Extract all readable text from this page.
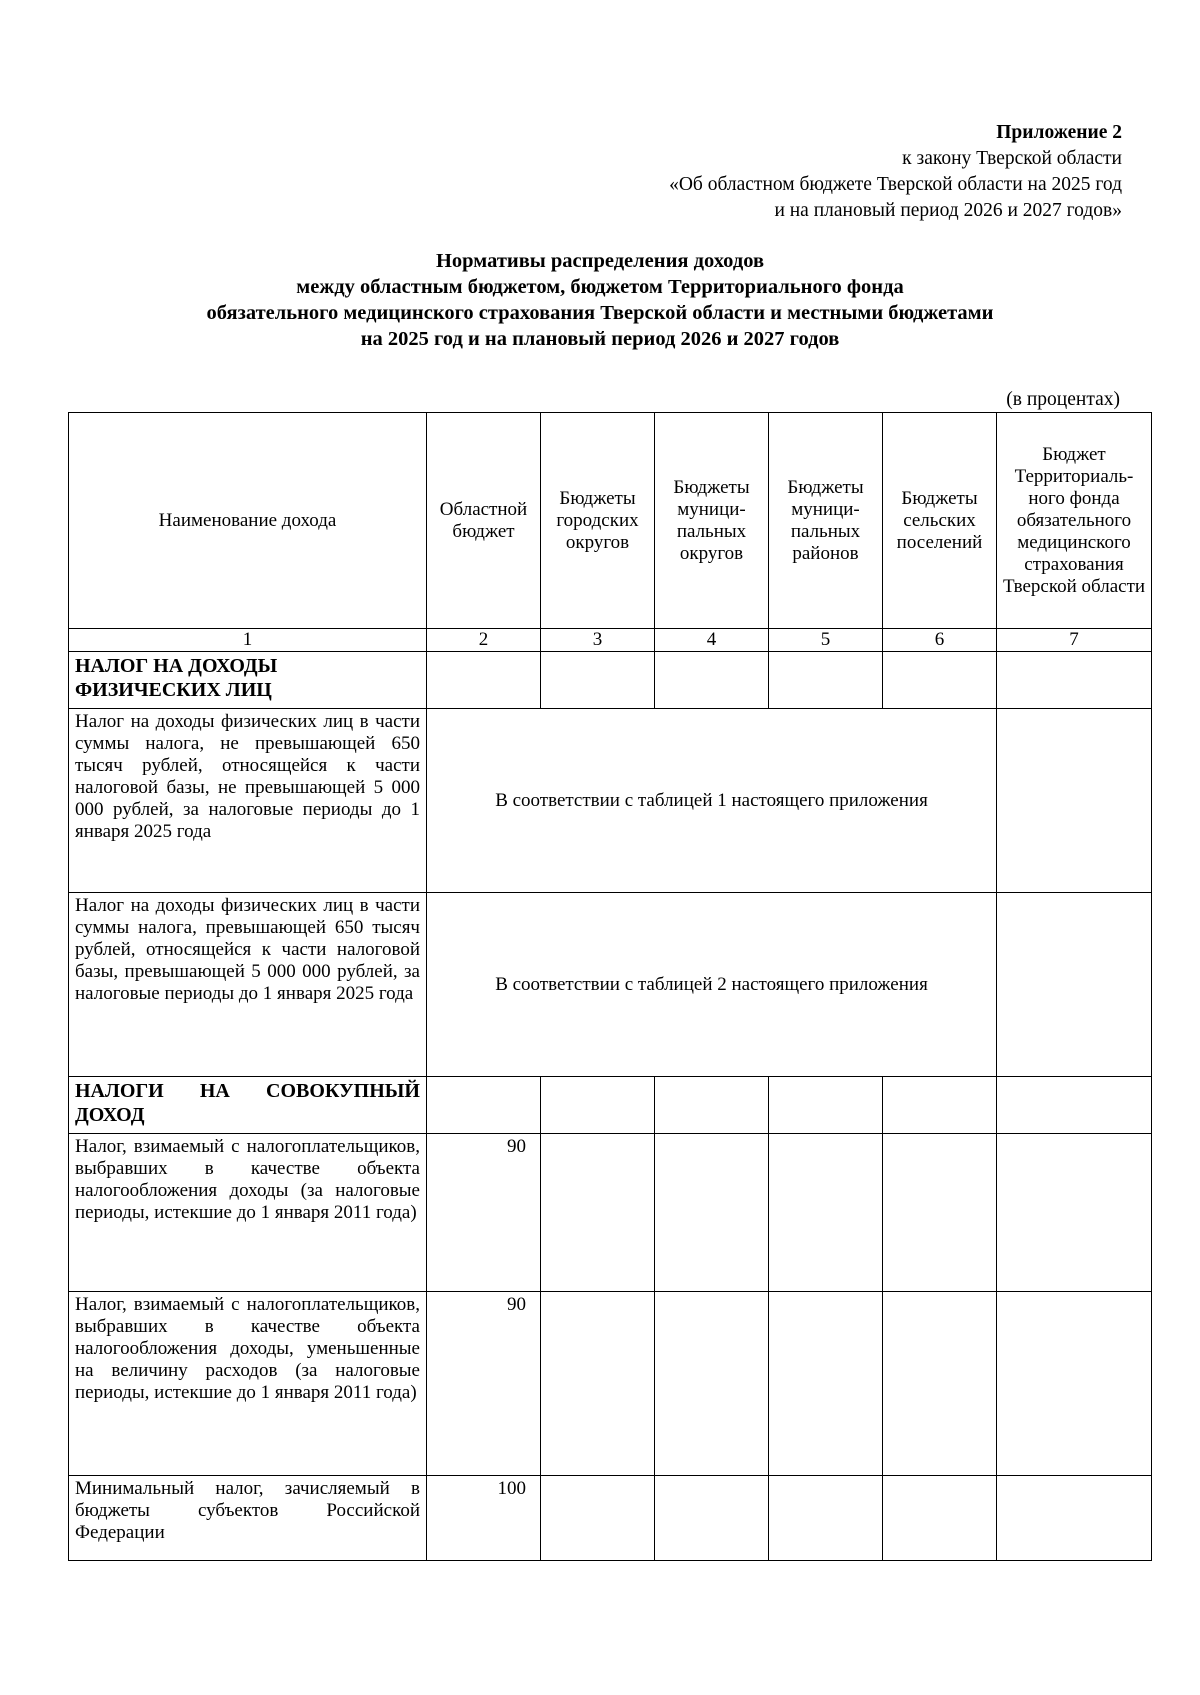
Приложение 2
к закону Тверской области
«Об областном бюджете Тверской области на 2025 год
и на плановый период 2026 и 2027 годов»
Нормативы распределения доходов
между областным бюджетом, бюджетом Территориального фонда
обязательного медицинского страхования Тверской области и местными бюджетами
на 2025 год и на плановый период 2026 и 2027 годов
(в процентах)
Наименование дохода	Областной бюджет	Бюджеты городских округов	Бюджеты муници-пальных округов	Бюджеты муници-пальных районов	Бюджеты сельских поселений	Бюджет Территориаль-ного фонда обязательного медицинского страхования Тверской области
1	2	3	4	5	6	7
НАЛОГ НА ДОХОДЫ ФИЗИЧЕСКИХ ЛИЦ						
Налог на доходы физических лиц в части суммы налога, не превышающей 650 тысяч рублей, относящейся к части налоговой базы, не превышающей 5 000 000 рублей, за налоговые периоды до 1 января 2025 года	В соответствии с таблицей 1 настоящего приложения					
Налог на доходы физических лиц в части суммы налога, превышающей 650 тысяч рублей, относящейся к части налоговой базы, превышающей 5 000 000 рублей, за налоговые периоды до 1 января 2025 года	В соответствии с таблицей 2 настоящего приложения					
НАЛОГИ НА СОВОКУПНЫЙ ДОХОД						
Налог, взимаемый с налогоплательщиков, выбравших в качестве объекта налогообложения доходы (за налоговые периоды, истекшие до 1 января 2011 года)	90					
Налог, взимаемый с налогоплательщиков, выбравших в качестве объекта налогообложения доходы, уменьшенные на величину расходов (за налоговые периоды, истекшие до 1 января 2011 года)	90					
Минимальный налог, зачисляемый в бюджеты субъектов Российской Федерации	100					
